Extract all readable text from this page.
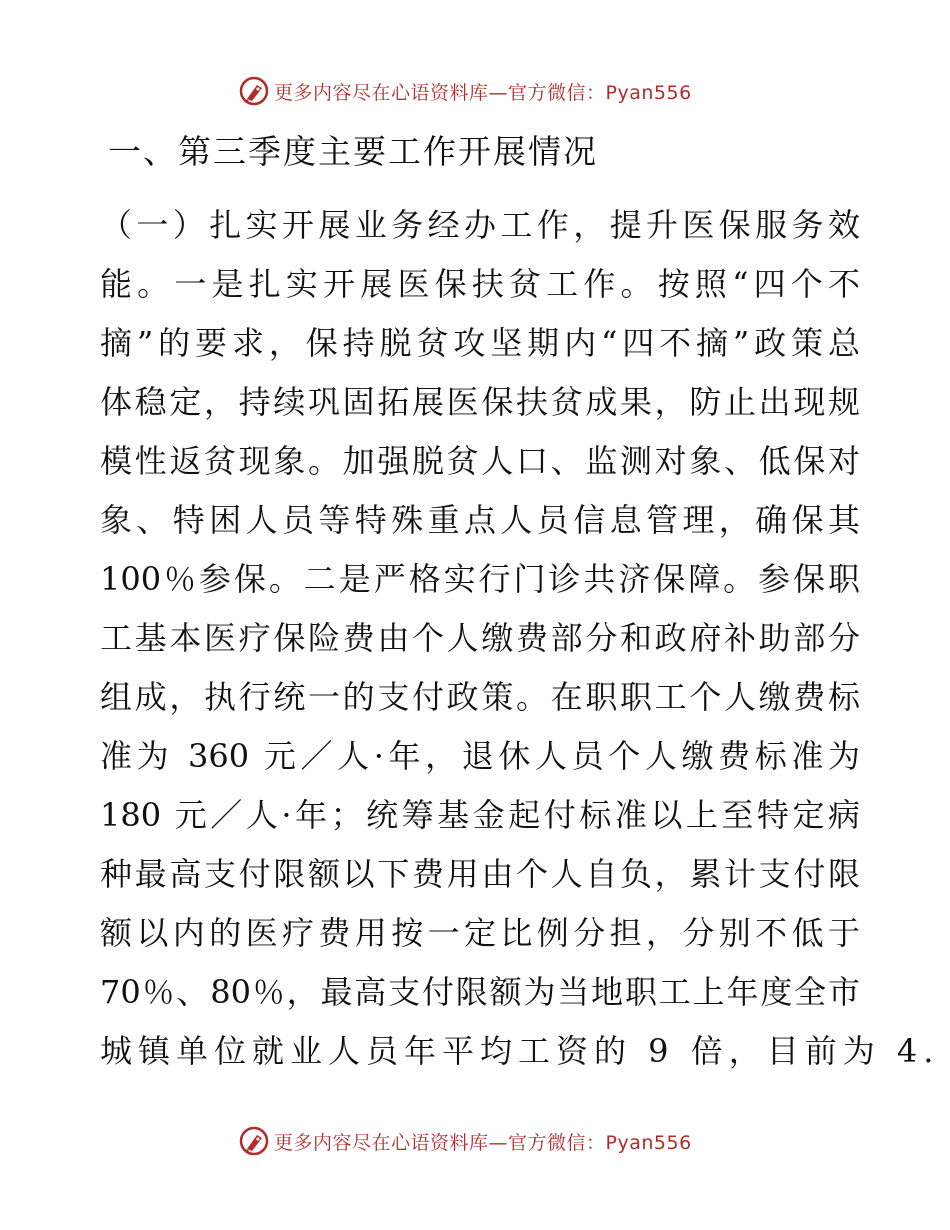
更多内容尽在心语资料库—官方微信：Pyan556
一、第三季度主要工作开展情况
（一）扎实开展业务经办工作，提升医保服务效
能。一是扎实开展医保扶贫工作。按照“四个不
摘”的要求，保持脱贫攻坚期内“四不摘”政策总
体稳定，持续巩固拓展医保扶贫成果，防止出现规
模性返贫现象。加强脱贫人口、监测对象、低保对
象、特困人员等特殊重点人员信息管理，确保其
100％参保。二是严格实行门诊共济保障。参保职
工基本医疗保险费由个人缴费部分和政府补助部分
组成，执行统一的支付政策。在职职工个人缴费标
准为 360 元／人·年，退休人员个人缴费标准为
180 元／人·年；统筹基金起付标准以上至特定病
种最高支付限额以下费用由个人自负，累计支付限
额以内的医疗费用按一定比例分担，分别不低于
70％、80％，最高支付限额为当地职工上年度全市
城镇单位就业人员年平均工资的 9 倍，目前为 4.
更多内容尽在心语资料库—官方微信：Pyan556
